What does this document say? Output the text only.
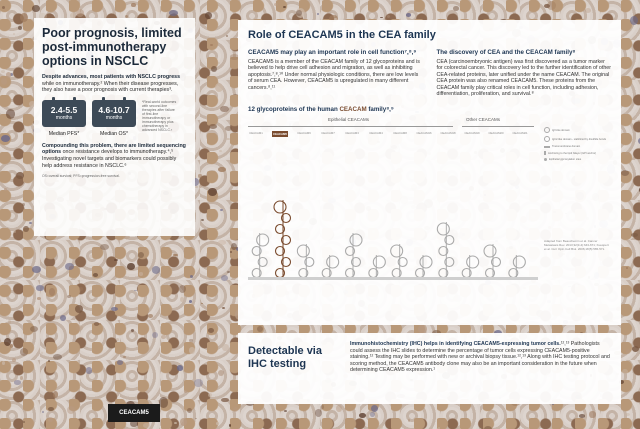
Poor prognosis, limited post-immunotherapy options in NSCLC
Despite advances, most patients with NSCLC progress while on immunotherapy.² When their disease progresses, they also have a poor prognosis with current therapies³.
2.4-5.5
months
Median PFS*
4.6-10.7
months
Median OS*
*Real-world outcomes with second-line therapies after failure of first-line immunotherapy or immunotherapy plus chemotherapy in advanced NSCLC.³
Compounding this problem, there are limited sequencing options once resistance develops to immunotherapy.⁴,⁵ Investigating novel targets and biomarkers could possibly help address resistance in NSCLC.⁶
OS=overall survival; PFS=progression-free survival.
Role of CEACAM5 in the CEA family
CEACAM5 may play an important role in cell function⁷,⁸,⁹
CEACAM5 is a member of the CEACAM family of 12 glycoproteins and is believed to help drive cell adhesion and migration, as well as inhibiting apoptosis.⁷,⁸,¹⁰ Under normal physiologic conditions, there are low levels of serum CEA. However, CEACAM5 is upregulated in many different cancers.⁸,¹¹
The discovery of CEA and the CEACAM family⁸
CEA (carcinoembryonic antigen) was first discovered as a tumor marker for colorectal cancer. This discovery led to the further identification of other CEA-related proteins, later unified under the name CEACAM. The original CEA protein was also renamed CEACAM5. These proteins from the CEACAM family play critical roles in cell function, including adhesion, differentiation, proliferation, and survival.⁸
12 glycoproteins of the human CEACAM family⁸,⁹
Epithelial CEACAMs	Other CEACAMs
CEACAM1	CEACAM5	CEACAM6	CEACAM7	CEACAM3	CEACAM4	CEACAM8	CEACAM16	CEACAM18	CEACAM19	CEACAM20	CEACAM21
IgV-like domain
IgC2-like domain - stabilized by disulfide bonds
Transmembrane domain
Anchoring to the lipid bilayer (GPI anchor)
Epithelial glycosylation sites
Adapted from Beauchemin et al. Cancer Metastasis Rev. 2013;32(3-4):643-671; Kuespert et al. Curr Opin Cell Biol. 2006;18(5):565-571.
Detectable via IHC testing
Immunohistochemistry (IHC) helps in identifying CEACAM5-expressing tumor cells.¹²,¹³ Pathologists could assess the IHC slides to determine the percentage of tumor cells expressing CEACAM5-positive staining.¹² Testing may be performed with new or archival biopsy tissue.¹²,¹³ Along with IHC testing protocol and scoring method, the CEACAM5 antibody clone may also be an important consideration in the future when determining CEACAM5 expression.¹
CEACAM5
